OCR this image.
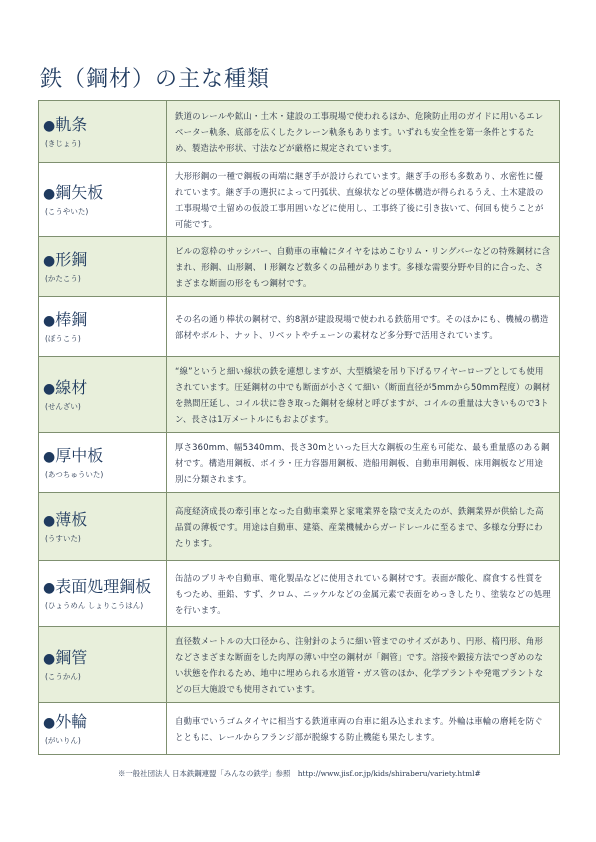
鉄（鋼材）の主な種類
●軌条
(きじょう)
鉄道のレールや鉱山・土木・建設の工事現場で使われるほか、危険防止用のガイドに用いるエレベーター軌条、底部を広くしたクレーン軌条もあります。いずれも安全性を第一条件とするため、製造法や形状、寸法などが厳格に規定されています。
●鋼矢板
(こうやいた)
大形形鋼の一種で鋼板の両端に継ぎ手が設けられています。継ぎ手の形も多数あり、水密性に優れています。継ぎ手の選択によって円弧状、直線状などの壁体構造が得られるうえ、土木建設の工事現場で土留めの仮設工事用囲いなどに使用し、工事終了後に引き抜いて、何回も使うことが可能です。
●形鋼
(かたこう)
ビルの窓枠のサッシバー、自動車の車輪にタイヤをはめこむリム・リングバーなどの特殊鋼材に含まれ、形鋼、山形鋼、 I 形鋼など数多くの品種があります。多様な需要分野や目的に合った、さまざまな断面の形をもつ鋼材です。
●棒鋼
(ぼうこう)
その名の通り棒状の鋼材で、約8割が建設現場で使われる鉄筋用です。そのほかにも、機械の構造部材やボルト、ナット、リベットやチェーンの素材など多分野で活用されています。
●線材
(せんざい)
“線”というと細い線状の鉄を連想しますが、大型橋梁を吊り下げるワイヤーロープとしても使用されています。圧延鋼材の中でも断面が小さくて細い（断面直径が5mmから50mm程度）の鋼材を熱間圧延し、コイル状に巻き取った鋼材を線材と呼びますが、コイルの重量は大きいもので3トン、長さは1万メートルにもおよびます。
●厚中板
(あつちゅういた)
厚さ360mm、幅5340mm、長さ30mといった巨大な鋼板の生産も可能な、最も重量感のある鋼材です。構造用鋼板、ボイラ・圧力容器用鋼板、造船用鋼板、自動車用鋼板、床用鋼板など用途別に分類されます。
●薄板
(うすいた)
高度経済成長の牽引車となった自動車業界と家電業界を陰で支えたのが、鉄鋼業界が供給した高品質の薄板です。用途は自動車、建築、産業機械からガードレールに至るまで、多様な分野にわたります。
●表面処理鋼板
(ひょうめん しょりこうはん)
缶詰のブリキや自動車、電化製品などに使用されている鋼材です。表面が酸化、腐食する性質をもつため、亜鉛、すず、クロム、ニッケルなどの金属元素で表面をめっきしたり、塗装などの処理を行います。
●鋼管
(こうかん)
直径数メートルの大口径から、注射針のように細い管までのサイズがあり、円形、楕円形、角形などさまざまな断面をした肉厚の薄い中空の鋼材が「鋼管」です。溶接や鍛接方法でつぎめのない状態を作れるため、地中に埋められる水道管・ガス管のほか、化学プラントや発電プラントなどの巨大施設でも使用されています。
●外輪
(がいりん)
自動車でいうゴムタイヤに相当する鉄道車両の台車に組み込まれます。外輪は車輪の磨耗を防ぐとともに、レールからフランジ部が脱線する防止機能も果たします。
※一般社団法人 日本鉄鋼連盟「みんなの鉄学」参照　http://www.jisf.or.jp/kids/shiraberu/variety.html#
